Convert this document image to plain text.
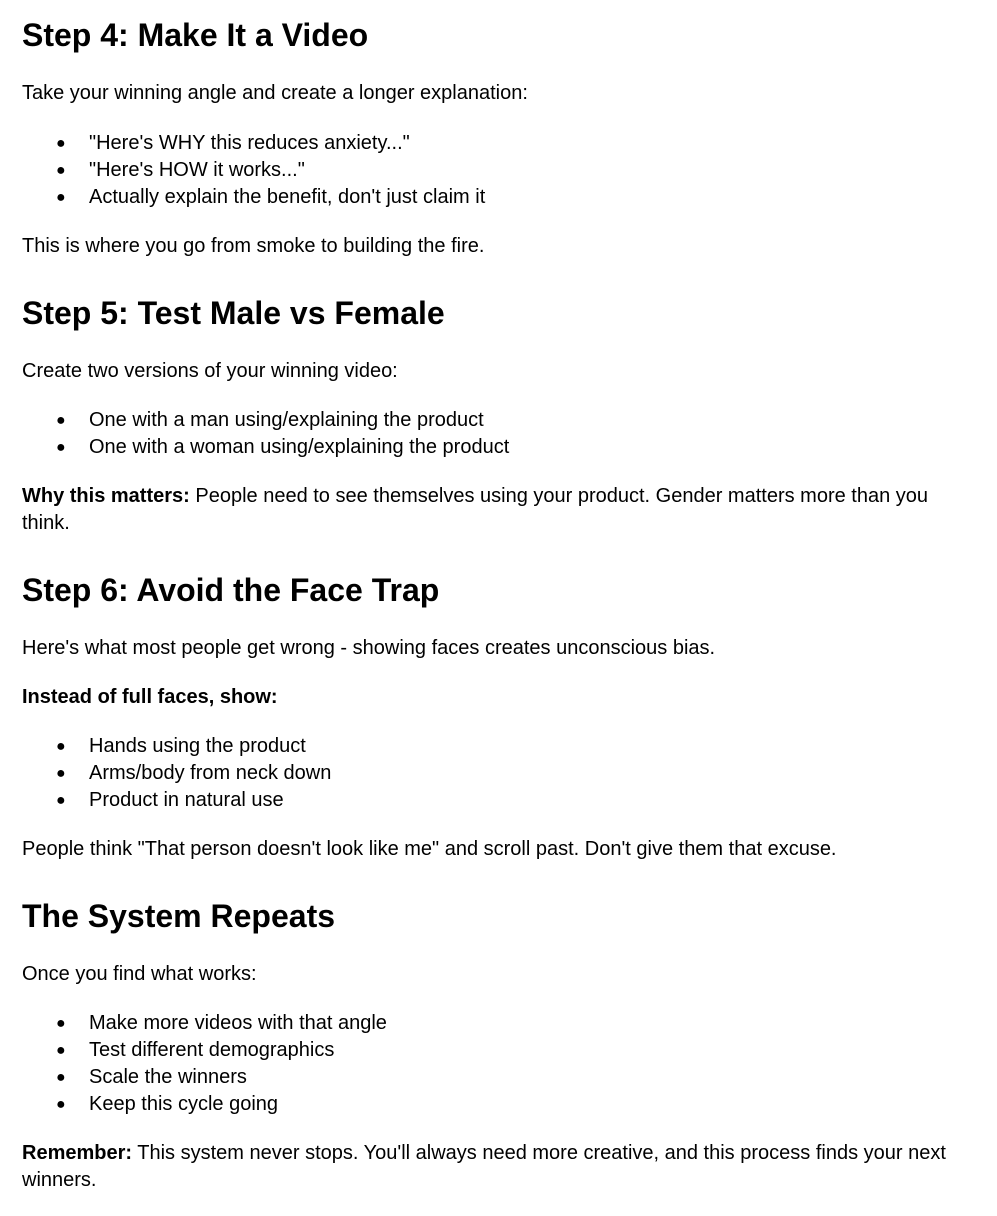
Step 4: Make It a Video

Take your winning angle and create a longer explanation:

● "Here's WHY this reduces anxiety..."
● "Here's HOW it works..."
● Actually explain the benefit, don't just claim it

This is where you go from smoke to building the fire.

Step 5: Test Male vs Female

Create two versions of your winning video:

● One with a man using/explaining the product
● One with a woman using/explaining the product

Why this matters: People need to see themselves using your product. Gender matters more than you think.

Step 6: Avoid the Face Trap

Here's what most people get wrong - showing faces creates unconscious bias.

Instead of full faces, show:

● Hands using the product
● Arms/body from neck down
● Product in natural use

People think "That person doesn't look like me" and scroll past. Don't give them that excuse.

The System Repeats

Once you find what works:

● Make more videos with that angle
● Test different demographics
● Scale the winners
● Keep this cycle going

Remember: This system never stops. You'll always need more creative, and this process finds your next winners.
